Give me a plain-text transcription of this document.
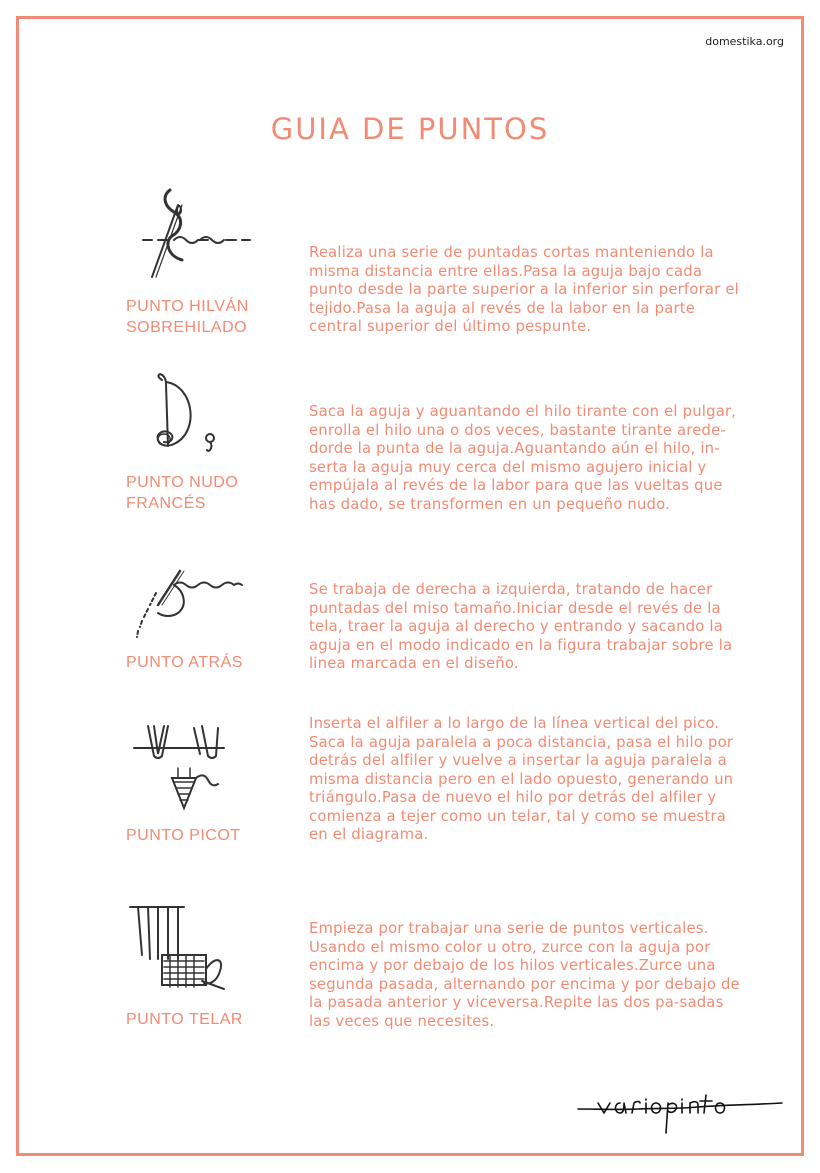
domestika.org
GUIA DE PUNTOS
PUNTO HILVÁN
SOBREHILADO
Realiza una serie de puntadas cortas manteniendo la misma distancia entre ellas.Pasa la aguja bajo cada punto desde la parte superior a la inferior sin perforar el tejido.Pasa la aguja al revés de la labor en la parte central superior del último pespunte.
PUNTO NUDO
FRANCÉS
Saca la aguja y aguantando el hilo tirante con el pulgar, enrolla el hilo una o dos veces, bastante tirante arede-dorde la punta de la aguja.Aguantando aún el hilo, in-serta la aguja muy cerca del mismo agujero inicial y empújala al revés de la labor para que las vueltas que has dado, se transformen en un pequeño nudo.
PUNTO ATRÁS
Se trabaja de derecha a izquierda, tratando de hacer puntadas del miso tamaño.Iniciar desde el revés de la tela, traer la aguja al derecho y entrando y sacando la aguja en el modo indicado en la figura trabajar sobre la linea marcada en el diseño.
PUNTO PICOT
Inserta el alfiler a lo largo de la línea vertical del pico. Saca la aguja paralela a poca distancia, pasa el hilo por detrás del alfiler y vuelve a insertar la aguja paralela a misma distancia pero en el lado opuesto, generando un triángulo.Pasa de nuevo el hilo por detrás del alfiler y comienza a tejer como un telar, tal y como se muestra en el diagrama.
PUNTO TELAR
Empieza por trabajar una serie de puntos verticales. Usando el mismo color u otro, zurce con la aguja por encima y por debajo de los hilos verticales.Zurce una segunda pasada, alternando por encima y por debajo de la pasada anterior y viceversa.Repite las dos pa-sadas las veces que necesites.
